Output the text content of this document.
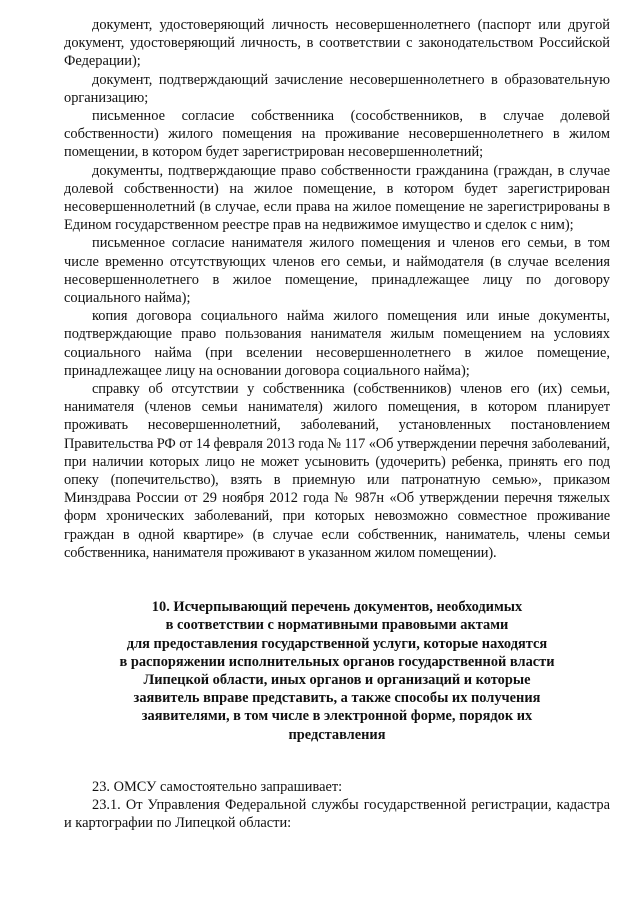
документ, удостоверяющий личность несовершеннолетнего (паспорт или другой документ, удостоверяющий личность, в соответствии с законодательством Российской Федерации);

документ, подтверждающий зачисление несовершеннолетнего в образовательную организацию;

письменное согласие собственника (сособственников, в случае долевой собственности) жилого помещения на проживание несовершеннолетнего в жилом помещении, в котором будет зарегистрирован несовершеннолетний;

документы, подтверждающие право собственности гражданина (граждан, в случае долевой собственности) на жилое помещение, в котором будет зарегистрирован несовершеннолетний (в случае, если права на жилое помещение не зарегистрированы в Едином государственном реестре прав на недвижимое имущество и сделок с ним);

письменное согласие нанимателя жилого помещения и членов его семьи, в том числе временно отсутствующих членов его семьи, и наймодателя (в случае вселения несовершеннолетнего в жилое помещение, принадлежащее лицу по договору социального найма);

копия договора социального найма жилого помещения или иные документы, подтверждающие право пользования нанимателя жилым помещением на условиях социального найма (при вселении несовершеннолетнего в жилое помещение, принадлежащее лицу на основании договора социального найма);

справку об отсутствии у собственника (собственников) членов его (их) семьи, нанимателя (членов семьи нанимателя) жилого помещения, в котором планирует проживать несовершеннолетний, заболеваний, установленных постановлением Правительства РФ от 14 февраля 2013 года № 117 «Об утверждении перечня заболеваний, при наличии которых лицо не может усыновить (удочерить) ребенка, принять его под опеку (попечительство), взять в приемную или патронатную семью», приказом Минздрава России от 29 ноября 2012 года № 987н «Об утверждении перечня тяжелых форм хронических заболеваний, при которых невозможно совместное проживание граждан в одной квартире» (в случае если собственник, наниматель, члены семьи собственника, нанимателя проживают в указанном жилом помещении).

10. Исчерпывающий перечень документов, необходимых
в соответствии с нормативными правовыми актами
для предоставления государственной услуги, которые находятся
в распоряжении исполнительных органов государственной власти
Липецкой области, иных органов и организаций и которые
заявитель вправе представить, а также способы их получения
заявителями, в том числе в электронной форме, порядок их
представления

23. ОМСУ самостоятельно запрашивает:

23.1. От Управления Федеральной службы государственной регистрации, кадастра и картографии по Липецкой области:
